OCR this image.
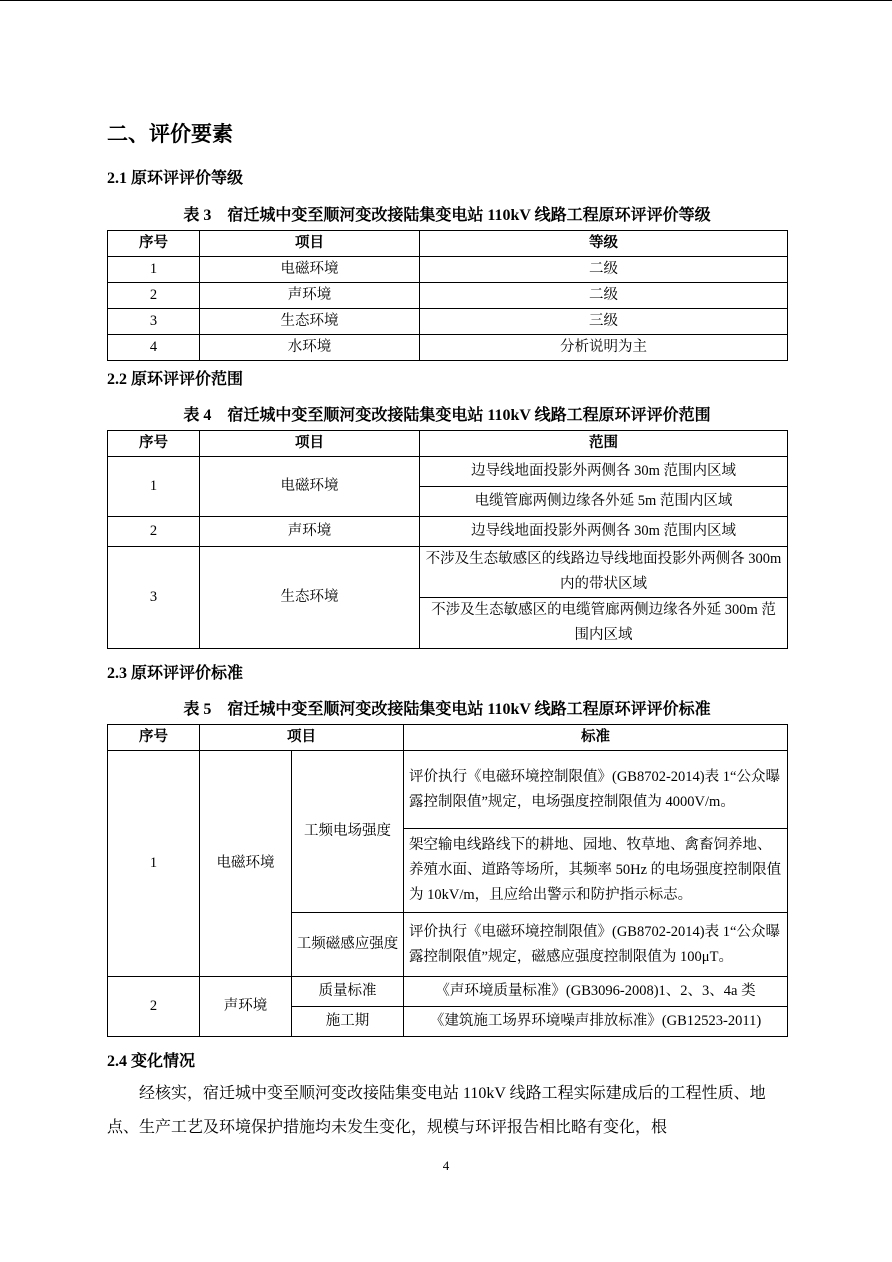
二、评价要素
2.1 原环评评价等级
表 3　宿迁城中变至顺河变改接陆集变电站 110kV 线路工程原环评评价等级
序号	项目	等级
1	电磁环境	二级
2	声环境	二级
3	生态环境	三级
4	水环境	分析说明为主
2.2 原环评评价范围
表 4　宿迁城中变至顺河变改接陆集变电站 110kV 线路工程原环评评价范围
序号	项目	范围
1	电磁环境	边导线地面投影外两侧各 30m 范围内区域
		电缆管廊两侧边缘各外延 5m 范围内区域
2	声环境	边导线地面投影外两侧各 30m 范围内区域
3	生态环境	不涉及生态敏感区的线路边导线地面投影外两侧各 300m 内的带状区域
		不涉及生态敏感区的电缆管廊两侧边缘各外延 300m 范围内区域
2.3 原环评评价标准
表 5　宿迁城中变至顺河变改接陆集变电站 110kV 线路工程原环评评价标准
序号	项目		标准
1	电磁环境	工频电场强度	评价执行《电磁环境控制限值》(GB8702-2014)表 1“公众曝露控制限值”规定，电场强度控制限值为 4000V/m。
			架空输电线路线下的耕地、园地、牧草地、禽畜饲养地、养殖水面、道路等场所，其频率 50Hz 的电场强度控制限值为 10kV/m，且应给出警示和防护指示标志。
		工频磁感应强度	评价执行《电磁环境控制限值》(GB8702-2014)表 1“公众曝露控制限值”规定，磁感应强度控制限值为 100μT。
2	声环境	质量标准	《声环境质量标准》(GB3096-2008)1、2、3、4a 类
		施工期	《建筑施工场界环境噪声排放标准》(GB12523-2011)
2.4 变化情况
经核实，宿迁城中变至顺河变改接陆集变电站 110kV 线路工程实际建成后的工程性质、地点、生产工艺及环境保护措施均未发生变化，规模与环评报告相比略有变化，根
4
